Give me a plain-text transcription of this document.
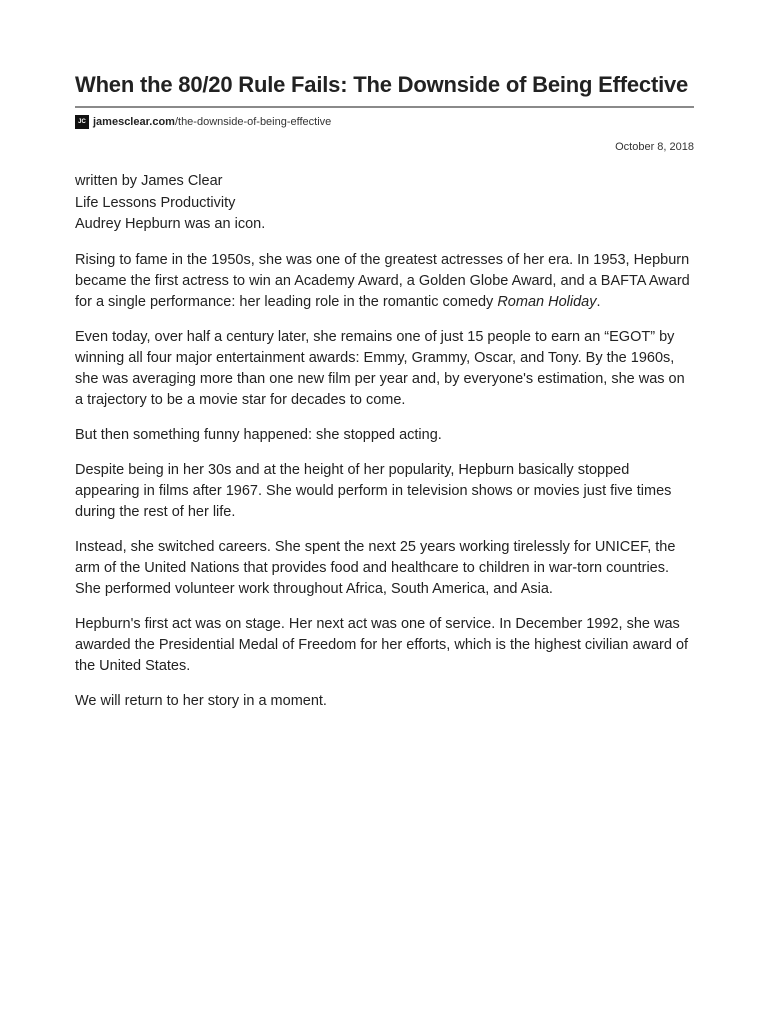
When the 80/20 Rule Fails: The Downside of Being Effective
JC jamesclear.com/the-downside-of-being-effective
October 8, 2018
written by James Clear
Life Lessons Productivity
Audrey Hepburn was an icon.

Rising to fame in the 1950s, she was one of the greatest actresses of her era. In 1953, Hepburn became the first actress to win an Academy Award, a Golden Globe Award, and a BAFTA Award for a single performance: her leading role in the romantic comedy Roman Holiday.

Even today, over half a century later, she remains one of just 15 people to earn an “EGOT” by winning all four major entertainment awards: Emmy, Grammy, Oscar, and Tony. By the 1960s, she was averaging more than one new film per year and, by everyone's estimation, she was on a trajectory to be a movie star for decades to come.

But then something funny happened: she stopped acting.

Despite being in her 30s and at the height of her popularity, Hepburn basically stopped appearing in films after 1967. She would perform in television shows or movies just five times during the rest of her life.

Instead, she switched careers. She spent the next 25 years working tirelessly for UNICEF, the arm of the United Nations that provides food and healthcare to children in war-torn countries. She performed volunteer work throughout Africa, South America, and Asia.

Hepburn's first act was on stage. Her next act was one of service. In December 1992, she was awarded the Presidential Medal of Freedom for her efforts, which is the highest civilian award of the United States.

We will return to her story in a moment.
